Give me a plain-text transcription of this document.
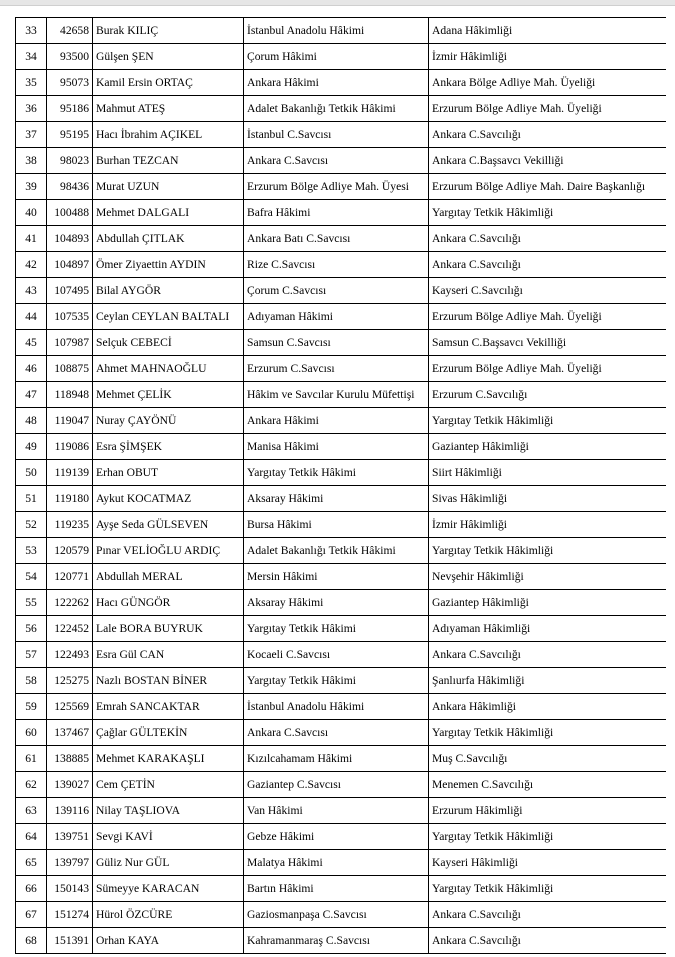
33	42658	Burak KILIÇ	İstanbul Anadolu Hâkimi	Adana Hâkimliği
34	93500	Gülşen ŞEN	Çorum Hâkimi	İzmir Hâkimliği
35	95073	Kamil Ersin ORTAÇ	Ankara Hâkimi	Ankara Bölge Adliye Mah. Üyeliği
36	95186	Mahmut ATEŞ	Adalet Bakanlığı Tetkik Hâkimi	Erzurum Bölge Adliye Mah. Üyeliği
37	95195	Hacı İbrahim AÇIKEL	İstanbul C.Savcısı	Ankara C.Savcılığı
38	98023	Burhan TEZCAN	Ankara C.Savcısı	Ankara C.Başsavcı Vekilliği
39	98436	Murat UZUN	Erzurum Bölge Adliye Mah. Üyesi	Erzurum Bölge Adliye Mah. Daire Başkanlığı
40	100488	Mehmet DALGALI	Bafra Hâkimi	Yargıtay Tetkik Hâkimliği
41	104893	Abdullah ÇITLAK	Ankara Batı C.Savcısı	Ankara C.Savcılığı
42	104897	Ömer Ziyaettin AYDIN	Rize C.Savcısı	Ankara C.Savcılığı
43	107495	Bilal AYGÖR	Çorum C.Savcısı	Kayseri C.Savcılığı
44	107535	Ceylan CEYLAN BALTALI	Adıyaman Hâkimi	Erzurum Bölge Adliye Mah. Üyeliği
45	107987	Selçuk CEBECİ	Samsun C.Savcısı	Samsun C.Başsavcı Vekilliği
46	108875	Ahmet MAHNAOĞLU	Erzurum C.Savcısı	Erzurum Bölge Adliye Mah. Üyeliği
47	118948	Mehmet ÇELİK	Hâkim ve Savcılar Kurulu Müfettişi	Erzurum C.Savcılığı
48	119047	Nuray ÇAYÖNÜ	Ankara Hâkimi	Yargıtay Tetkik Hâkimliği
49	119086	Esra ŞİMŞEK	Manisa Hâkimi	Gaziantep Hâkimliği
50	119139	Erhan OBUT	Yargıtay Tetkik Hâkimi	Siirt Hâkimliği
51	119180	Aykut KOCATMAZ	Aksaray Hâkimi	Sivas Hâkimliği
52	119235	Ayşe Seda GÜLSEVEN	Bursa Hâkimi	İzmir Hâkimliği
53	120579	Pınar VELİOĞLU ARDIÇ	Adalet Bakanlığı Tetkik Hâkimi	Yargıtay Tetkik Hâkimliği
54	120771	Abdullah MERAL	Mersin Hâkimi	Nevşehir Hâkimliği
55	122262	Hacı GÜNGÖR	Aksaray Hâkimi	Gaziantep Hâkimliği
56	122452	Lale BORA BUYRUK	Yargıtay Tetkik Hâkimi	Adıyaman Hâkimliği
57	122493	Esra Gül CAN	Kocaeli C.Savcısı	Ankara C.Savcılığı
58	125275	Nazlı BOSTAN BİNER	Yargıtay Tetkik Hâkimi	Şanlıurfa Hâkimliği
59	125569	Emrah SANCAKTAR	İstanbul Anadolu Hâkimi	Ankara Hâkimliği
60	137467	Çağlar GÜLTEKİN	Ankara C.Savcısı	Yargıtay Tetkik Hâkimliği
61	138885	Mehmet KARAKAŞLI	Kızılcahamam Hâkimi	Muş C.Savcılığı
62	139027	Cem ÇETİN	Gaziantep C.Savcısı	Menemen C.Savcılığı
63	139116	Nilay TAŞLIOVA	Van Hâkimi	Erzurum Hâkimliği
64	139751	Sevgi KAVİ	Gebze Hâkimi	Yargıtay Tetkik Hâkimliği
65	139797	Güliz Nur GÜL	Malatya Hâkimi	Kayseri Hâkimliği
66	150143	Sümeyye KARACAN	Bartın Hâkimi	Yargıtay Tetkik Hâkimliği
67	151274	Hürol ÖZCÜRE	Gaziosmanpaşa C.Savcısı	Ankara C.Savcılığı
68	151391	Orhan KAYA	Kahramanmaraş C.Savcısı	Ankara C.Savcılığı
